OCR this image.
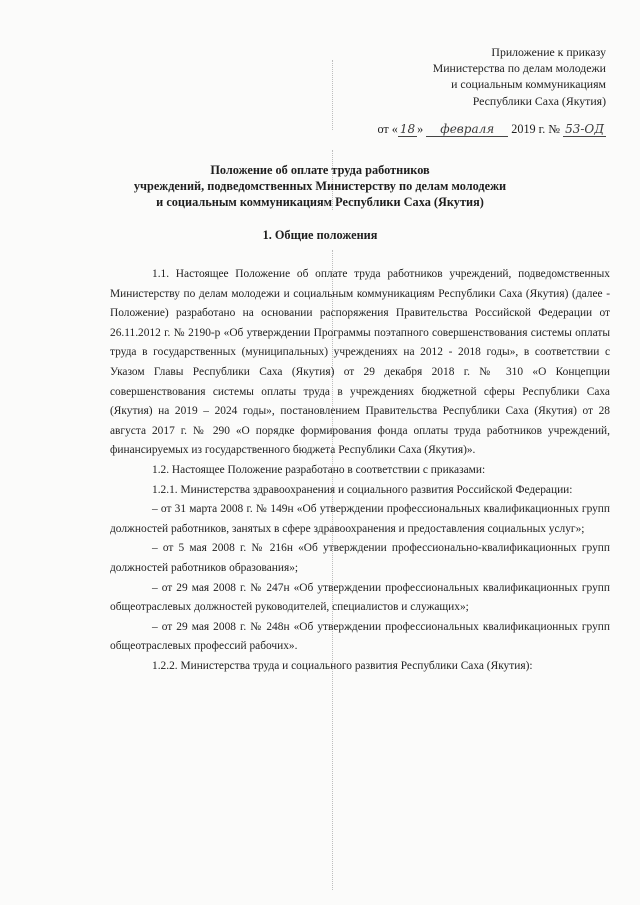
Приложение к приказу
Министерства по делам молодежи
и социальным коммуникациям
Республики Саха (Якутия)
от « 18 » февраля 2019 г. № 53-ОД
Положение об оплате труда работников
учреждений, подведомственных Министерству по делам молодежи
и социальным коммуникациям Республики Саха (Якутия)
1. Общие положения

1.1. Настоящее Положение об оплате труда работников учреждений, подведомственных Министерству по делам молодежи и социальным коммуникациям Республики Саха (Якутия) (далее - Положение) разработано на основании распоряжения Правительства Российской Федерации от 26.11.2012 г. № 2190-р «Об утверждении Программы поэтапного совершенствования системы оплаты труда в государственных (муниципальных) учреждениях на 2012 - 2018 годы», в соответствии с Указом Главы Республики Саха (Якутия) от 29 декабря 2018 г. № 310 «О Концепции совершенствования системы оплаты труда в учреждениях бюджетной сферы Республики Саха (Якутия) на 2019 – 2024 годы», постановлением Правительства Республики Саха (Якутия) от 28 августа 2017 г. № 290 «О порядке формирования фонда оплаты труда работников учреждений, финансируемых из государственного бюджета Республики Саха (Якутия)».

1.2. Настоящее Положение разработано в соответствии с приказами:

1.2.1. Министерства здравоохранения и социального развития Российской Федерации:

– от 31 марта 2008 г. № 149н «Об утверждении профессиональных квалификационных групп должностей работников, занятых в сфере здравоохранения и предоставления социальных услуг»;

– от 5 мая 2008 г. № 216н «Об утверждении профессионально-квалификационных групп должностей работников образования»;

– от 29 мая 2008 г. № 247н «Об утверждении профессиональных квалификационных групп общеотраслевых должностей руководителей, специалистов и служащих»;

– от 29 мая 2008 г. № 248н «Об утверждении профессиональных квалификационных групп общеотраслевых профессий рабочих».

1.2.2. Министерства труда и социального развития Республики Саха (Якутия):
